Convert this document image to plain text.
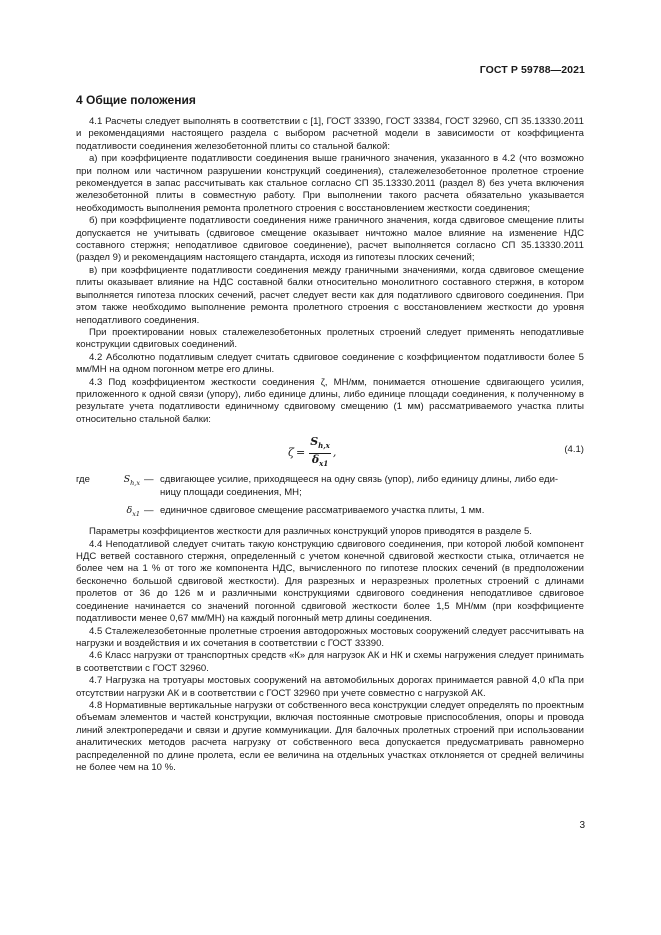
ГОСТ Р 59788—2021
4 Общие положения

4.1 Расчеты следует выполнять в соответствии с [1], ГОСТ 33390, ГОСТ 33384, ГОСТ 32960, СП 35.13330.2011 и рекомендациями настоящего раздела с выбором расчетной модели в зависимости от коэффициента податливости соединения железобетонной плиты со стальной балкой:

а) при коэффициенте податливости соединения выше граничного значения, указанного в 4.2 (что возможно при полном или частичном разрушении конструкций соединения), сталежелезобетонное пролетное строение рекомендуется в запас рассчитывать как стальное согласно СП 35.13330.2011 (раздел 8) без учета включения железобетонной плиты в совместную работу. При выполнении такого расчета обязательно указывается необходимость выполнения ремонта пролетного строения с восстановлением жесткости соединения;

б) при коэффициенте податливости соединения ниже граничного значения, когда сдвиговое смещение плиты допускается не учитывать (сдвиговое смещение оказывает ничтожно малое влияние на изменение НДС составного стержня; неподатливое сдвиговое соединение), расчет выполняется согласно СП 35.13330.2011 (раздел 9) и рекомендациям настоящего стандарта, исходя из гипотезы плоских сечений;

в) при коэффициенте податливости соединения между граничными значениями, когда сдвиговое смещение плиты оказывает влияние на НДС составной балки относительно монолитного составного стержня, в котором выполняется гипотеза плоских сечений, расчет следует вести как для податливого сдвигового соединения. При этом также необходимо выполнение ремонта пролетного строения с восстановлением жесткости до уровня неподатливого соединения.

При проектировании новых сталежелезобетонных пролетных строений следует применять неподатливые конструкции сдвиговых соединений.

4.2 Абсолютно податливым следует считать сдвиговое соединение с коэффициентом податливости более 5 мм/МН на одном погонном метре его длины.

4.3 Под коэффициентом жесткости соединения ζ, МН/мм, понимается отношение сдвигающего усилия, приложенного к одной связи (упору), либо единице длины, либо единице площади соединения, к полученному в результате учета податливости единичному сдвиговому смещению (1 мм) рассматриваемого участка плиты относительно стальной балки:

$\zeta = \frac{S_{h,x}}{\delta_{x1}}$ ,	(4.1)
где	$S_{h,x}$ — сдвигающее усилие, приходящееся на одну связь (упор), либо единицу длины, либо еди-
ницу площади соединения, МН;
$\delta_{x1}$ — единичное сдвиговое смещение рассматриваемого участка плиты, 1 мм.

Параметры коэффициентов жесткости для различных конструкций упоров приводятся в разделе 5.

4.4 Неподатливой следует считать такую конструкцию сдвигового соединения, при которой любой компонент НДС ветвей составного стержня, определенный с учетом конечной сдвиговой жесткости стыка, отличается не более чем на 1 % от того же компонента НДС, вычисленного по гипотезе плоских сечений (в предположении бесконечно большой сдвиговой жесткости). Для разрезных и неразрезных пролетных строений с длинами пролетов от 36 до 126 м и различными конструкциями сдвигового соединения неподатливое сдвиговое соединение начинается со значений погонной сдвиговой жесткости более 1,5 МН/мм (при коэффициенте податливости менее 0,67 мм/МН) на каждый погонный метр длины соединения.

4.5 Сталежелезобетонные пролетные строения автодорожных мостовых сооружений следует рассчитывать на нагрузки и воздействия и их сочетания в соответствии с ГОСТ 33390.

4.6 Класс нагрузки от транспортных средств «К» для нагрузок АК и НК и схемы нагружения следует принимать в соответствии с ГОСТ 32960.

4.7 Нагрузка на тротуары мостовых сооружений на автомобильных дорогах принимается равной 4,0 кПа при отсутствии нагрузки АК и в соответствии с ГОСТ 32960 при учете совместно с нагрузкой АК.

4.8 Нормативные вертикальные нагрузки от собственного веса конструкции следует определять по проектным объемам элементов и частей конструкции, включая постоянные смотровые приспособления, опоры и провода линий электропередачи и связи и другие коммуникации. Для балочных пролетных строений при использовании аналитических методов расчета нагрузку от собственного веса допускается предусматривать равномерно распределенной по длине пролета, если ее величина на отдельных участках отклоняется от средней величины не более чем на 10 %.

3
